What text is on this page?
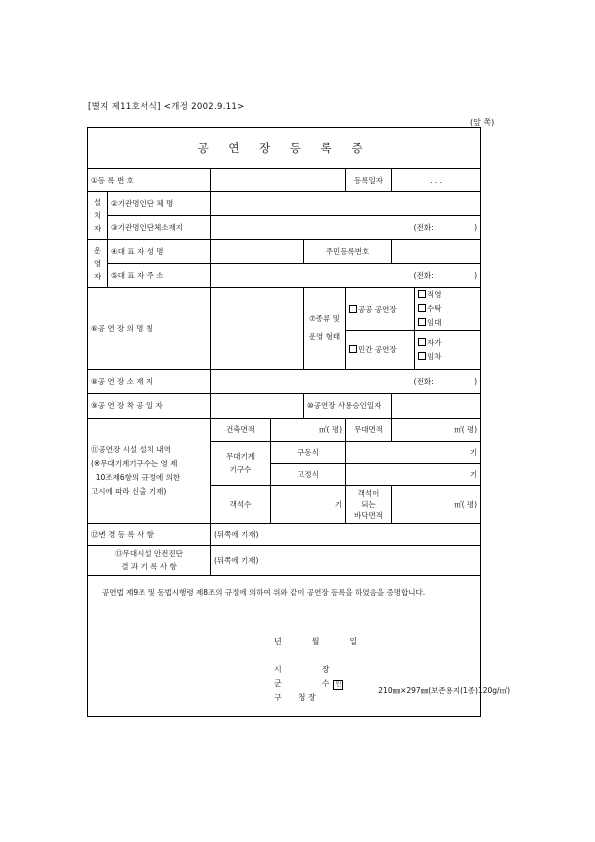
[별지 제11호서식] <개정 2002.9.11>
(앞 쪽)
공 연 장 등 록 증
①등 록 번 호		등록일자	. . .
설
치
자	②기관명인단 체 명	
③기관명인단체소재지	(전화:                 )
운
영
자	④대 표 자 성 명		주민등록번호	
⑤대 표 자 주 소	(전화:                 )
⑥공 연 장 의 명 칭		⑦종류 및
운영 형태	
공공 공연장	직영
수탁
임대
민간 공연장	자가
임차

⑧공 연 장 소 재 지	(전화:                 )
⑨공 연 장 착 공 일 자		⑩공연장 사용승인일자	
⑪공연장 시설 설치 내역
(※무대기계기구수는 영 제
10조제6항의 규정에 의한
고시에 따라 신출 기재)	건축면적	㎡( 평)	무대면적	㎡( 평)
무대기계
기구수	구동식	기
고정식	기
객석수	기	객석이
되는
바닥면적	㎡( 평)
⑫변 경 등 록 사 항	(뒤쪽에 기재)
⑬무대시설 안전진단
결 과 기 록 사 항	(뒤쪽에 기재)

공연법 제9조 및 동법시행령 제8조의 규정에 의하여 위와 같이 공연장 등록을 하였음을 증명합니다.
년	월	일
시	장
군	수 인
구 청 장
210㎜×297㎜(보존용지(1종)120g/㎡)
